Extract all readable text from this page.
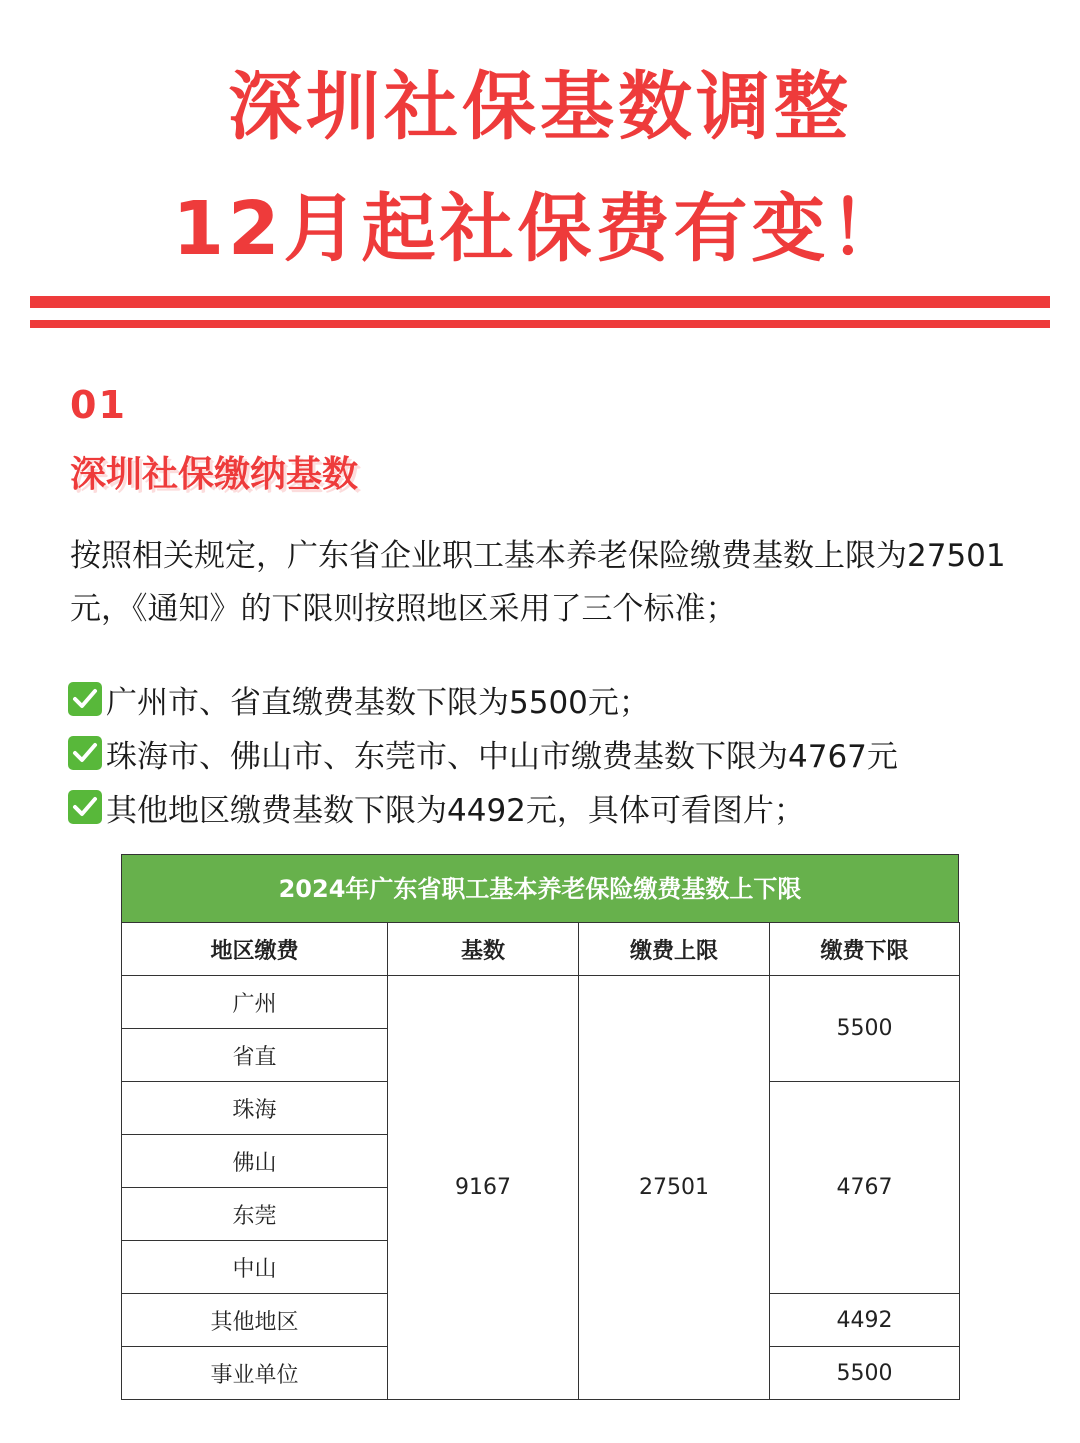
深圳社保基数调整
12月起社保费有变！
01
深圳社保缴纳基数
按照相关规定，广东省企业职工基本养老保险缴费基数上限为27501元，《通知》的下限则按照地区采用了三个标准；
广州市、省直缴费基数下限为5500元；
珠海市、佛山市、东莞市、中山市缴费基数下限为4767元
其他地区缴费基数下限为4492元，具体可看图片；
2024年广东省职工基本养老保险缴费基数上下限
地区缴费	基数	缴费上限	缴费下限
广州	9167	27501	5500
省直			
珠海			4767
佛山			
东莞			
中山			
其他地区			4492
事业单位			5500
